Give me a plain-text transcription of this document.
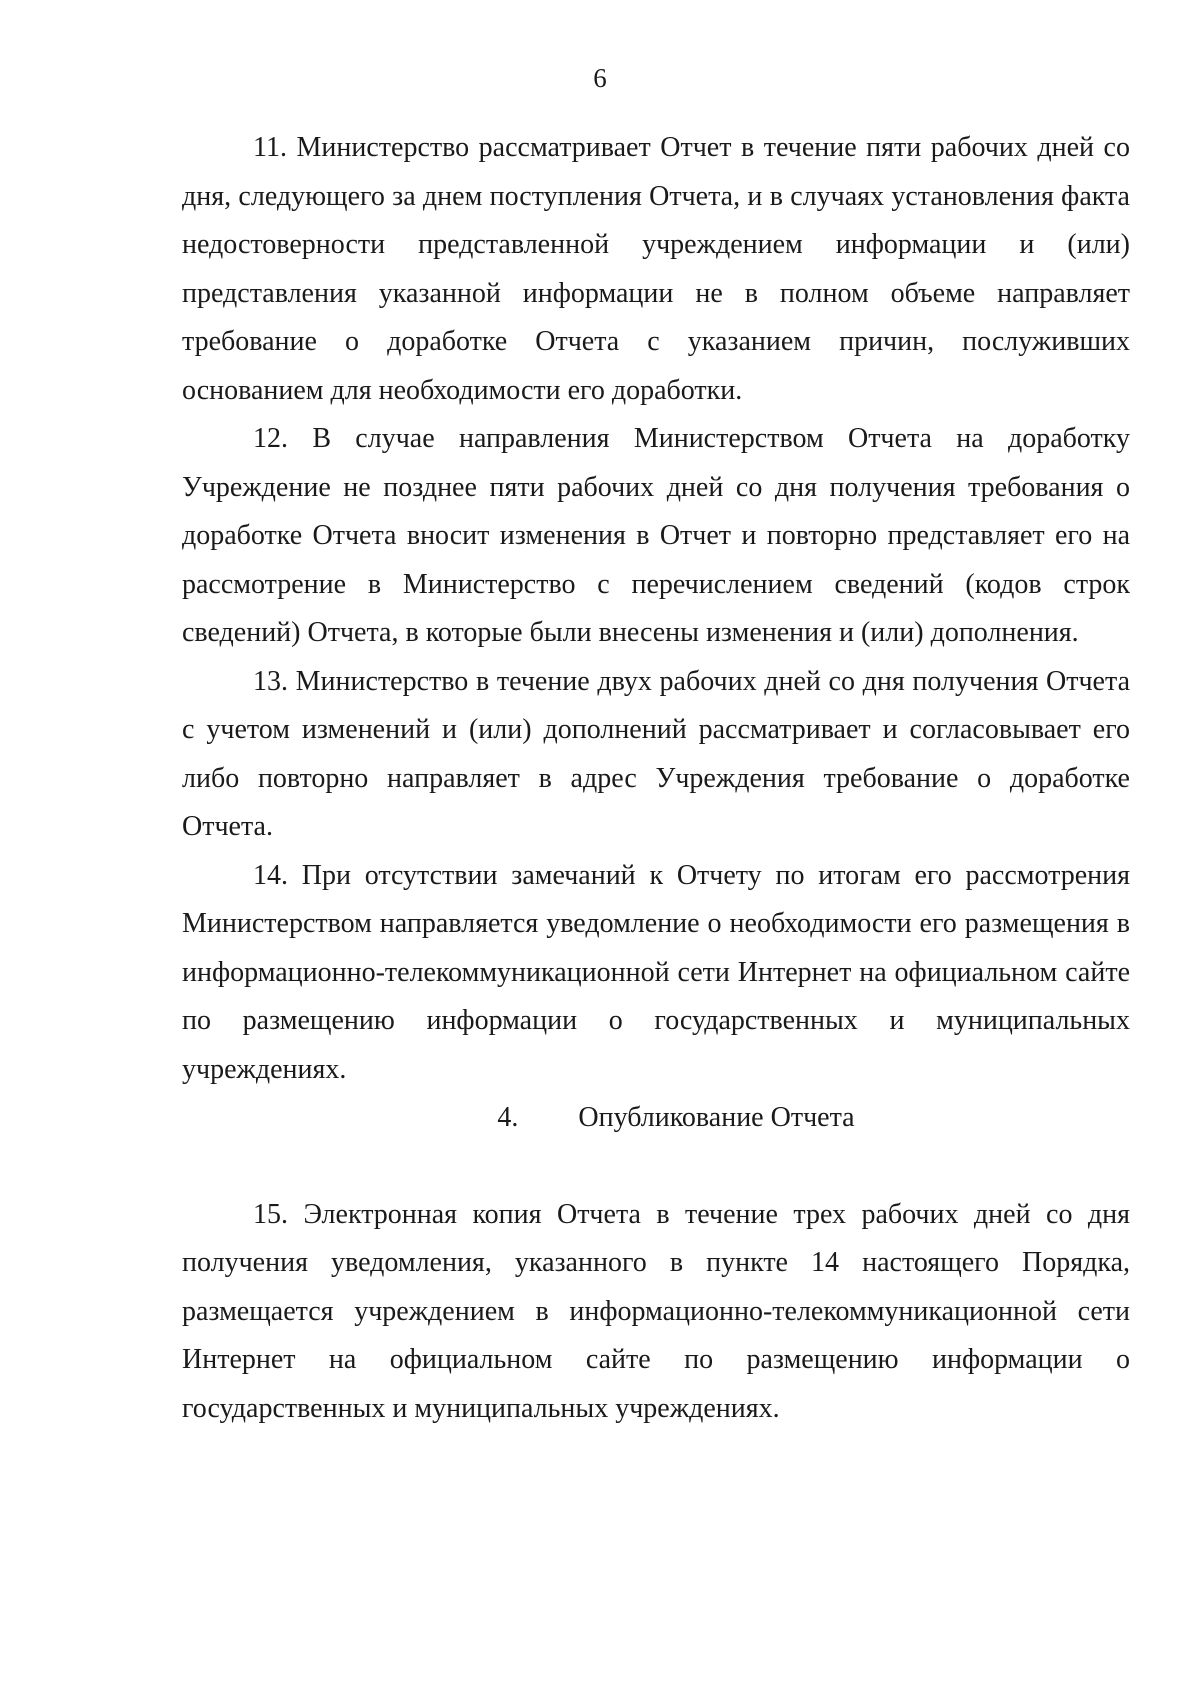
6

11. Министерство рассматривает Отчет в течение пяти рабочих дней со дня, следующего за днем поступления Отчета, и в случаях установления факта недостоверности представленной учреждением информации и (или) представления указанной информации не в полном объеме направляет требование о доработке Отчета с указанием причин, послуживших основанием для необходимости его доработки.

12. В случае направления Министерством Отчета на доработку Учреждение не позднее пяти рабочих дней со дня получения требования о доработке Отчета вносит изменения в Отчет и повторно представляет его на рассмотрение в Министерство с перечислением сведений (кодов строк сведений) Отчета, в которые были внесены изменения и (или) дополнения.

13. Министерство в течение двух рабочих дней со дня получения Отчета с учетом изменений и (или) дополнений рассматривает и согласовывает его либо повторно направляет в адрес Учреждения требование о доработке Отчета.

14. При отсутствии замечаний к Отчету по итогам его рассмотрения Министерством направляется уведомление о необходимости его размещения в информационно-телекоммуникационной сети Интернет на официальном сайте по размещению информации о государственных и муниципальных учреждениях.

4. Опубликование Отчета

15. Электронная копия Отчета в течение трех рабочих дней со дня получения уведомления, указанного в пункте 14 настоящего Порядка, размещается учреждением в информационно-телекоммуникационной сети Интернет на официальном сайте по размещению информации о государственных и муниципальных учреждениях.
